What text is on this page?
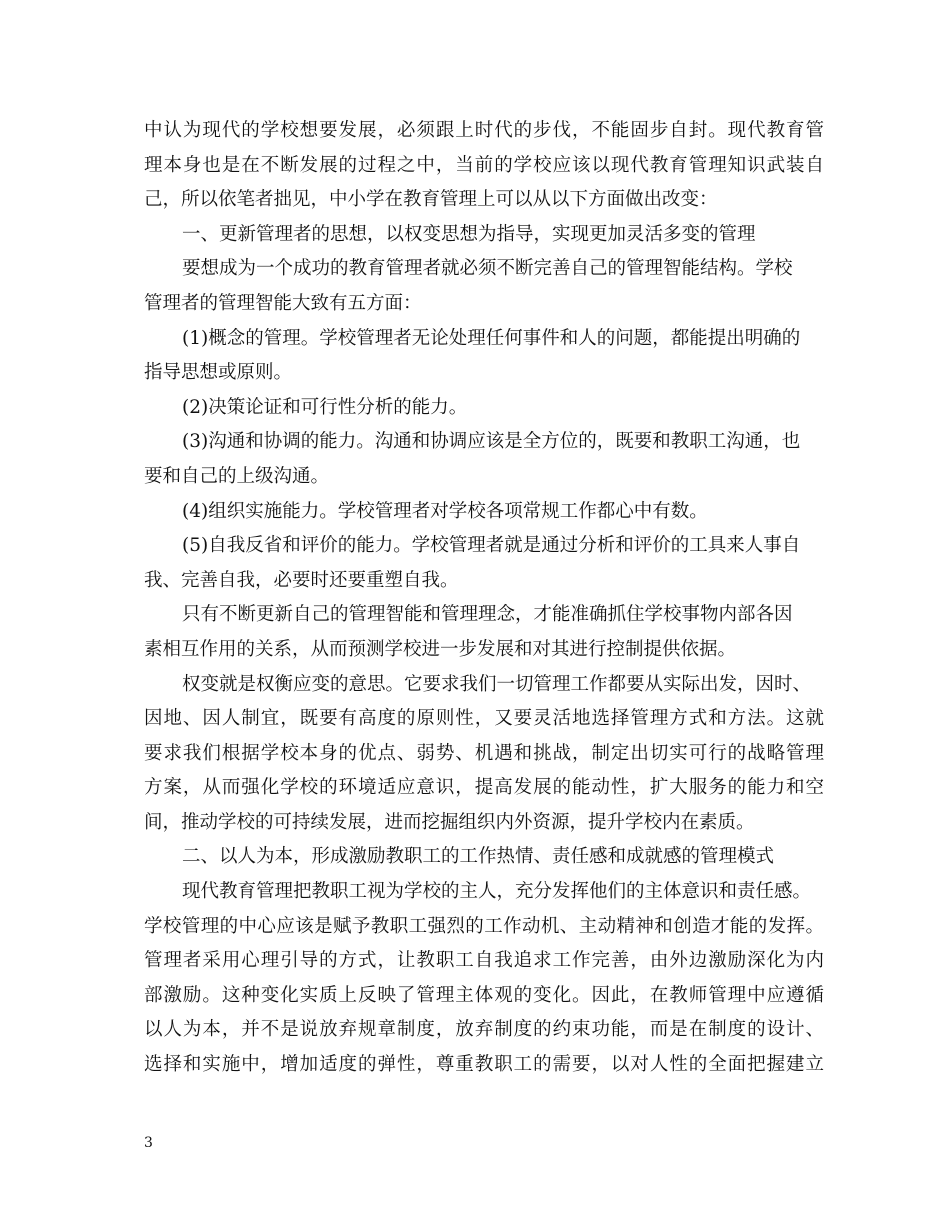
中认为现代的学校想要发展，必须跟上时代的步伐，不能固步自封。现代教育管
理本身也是在不断发展的过程之中，当前的学校应该以现代教育管理知识武装自
己，所以依笔者拙见，中小学在教育管理上可以从以下方面做出改变：
一、更新管理者的思想，以权变思想为指导，实现更加灵活多变的管理
要想成为一个成功的教育管理者就必须不断完善自己的管理智能结构。学校
管理者的管理智能大致有五方面：
(1)概念的管理。学校管理者无论处理任何事件和人的问题，都能提出明确的
指导思想或原则。
(2)决策论证和可行性分析的能力。
(3)沟通和协调的能力。沟通和协调应该是全方位的，既要和教职工沟通，也
要和自己的上级沟通。
(4)组织实施能力。学校管理者对学校各项常规工作都心中有数。
(5)自我反省和评价的能力。学校管理者就是通过分析和评价的工具来人事自
我、完善自我，必要时还要重塑自我。
只有不断更新自己的管理智能和管理理念，才能准确抓住学校事物内部各因
素相互作用的关系，从而预测学校进一步发展和对其进行控制提供依据。
权变就是权衡应变的意思。它要求我们一切管理工作都要从实际出发，因时、
因地、因人制宜，既要有高度的原则性，又要灵活地选择管理方式和方法。这就
要求我们根据学校本身的优点、弱势、机遇和挑战，制定出切实可行的战略管理
方案，从而强化学校的环境适应意识，提高发展的能动性，扩大服务的能力和空
间，推动学校的可持续发展，进而挖掘组织内外资源，提升学校内在素质。
二、以人为本，形成激励教职工的工作热情、责任感和成就感的管理模式
现代教育管理把教职工视为学校的主人，充分发挥他们的主体意识和责任感。
学校管理的中心应该是赋予教职工强烈的工作动机、主动精神和创造才能的发挥。
管理者采用心理引导的方式，让教职工自我追求工作完善，由外边激励深化为内
部激励。这种变化实质上反映了管理主体观的变化。因此，在教师管理中应遵循
以人为本，并不是说放弃规章制度，放弃制度的约束功能，而是在制度的设计、
选择和实施中，增加适度的弹性，尊重教职工的需要，以对人性的全面把握建立
3
